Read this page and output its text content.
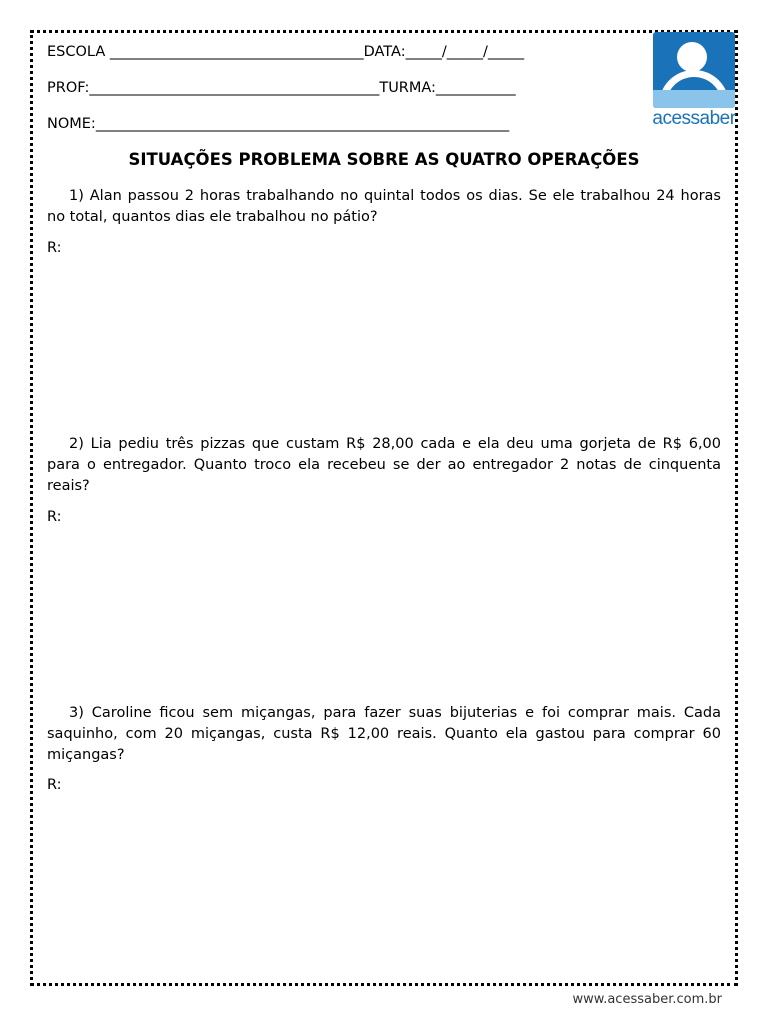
ESCOLA ___________________________________DATA:_____/_____/_____
PROF:________________________________________TURMA:___________
NOME:_________________________________________________________	acessaber
SITUAÇÕES PROBLEMA SOBRE AS QUATRO OPERAÇÕES
1) Alan passou 2 horas trabalhando no quintal todos os dias. Se ele trabalhou 24 horas no total, quantos dias ele trabalhou no pátio?
R:
2) Lia pediu três pizzas que custam R$ 28,00 cada e ela deu uma gorjeta de R$ 6,00 para o entregador. Quanto troco ela recebeu se der ao entregador 2 notas de cinquenta reais?
R:
3) Caroline ficou sem miçangas, para fazer suas bijuterias e foi comprar mais. Cada saquinho, com 20 miçangas, custa R$ 12,00 reais. Quanto ela gastou para comprar 60 miçangas?
R:
www.acessaber.com.br
